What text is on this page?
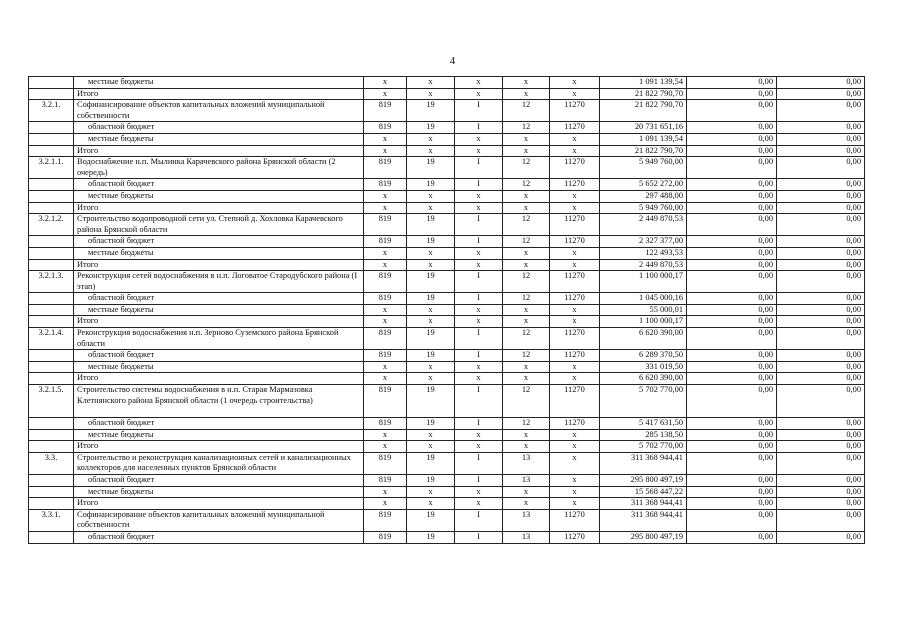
4
	местные бюджеты	x	x	x	x	x	1 091 139,54	0,00	0,00
	Итого	x	x	x	x	x	21 822 790,70	0,00	0,00
3.2.1.	Софинансирование объектов капитальных вложений муниципальной собственности	819	19	I	12	11270	21 822 790,70	0,00	0,00
	областной бюджет	819	19	I	12	11270	20 731 651,16	0,00	0,00
	местные бюджеты	x	x	x	x	x	1 091 139,54	0,00	0,00
	Итого	x	x	x	x	x	21 822 790,70	0,00	0,00
3.2.1.1.	Водоснабжение н.п. Мылинка Карачевского района Брянской области (2 очередь)	819	19	I	12	11270	5 949 760,00	0,00	0,00
	областной бюджет	819	19	I	12	11270	5 652 272,00	0,00	0,00
	местные бюджеты	x	x	x	x	x	297 488,00	0,00	0,00
	Итого	x	x	x	x	x	5 949 760,00	0,00	0,00
3.2.1.2.	Строительство водопроводной сети ул. Степной д. Хохловка Карачевского района Брянской области	819	19	I	12	11270	2 449 870,53	0,00	0,00
	областной бюджет	819	19	I	12	11270	2 327 377,00	0,00	0,00
	местные бюджеты	x	x	x	x	x	122 493,53	0,00	0,00
	Итого	x	x	x	x	x	2 449 870,53	0,00	0,00
3.2.1.3.	Реконструкция сетей водоснабжения в н.п. Логоватое Стародубского района (I этап)	819	19	I	12	11270	1 100 000,17	0,00	0,00
	областной бюджет	819	19	I	12	11270	1 045 000,16	0,00	0,00
	местные бюджеты	x	x	x	x	x	55 000,01	0,00	0,00
	Итого	x	x	x	x	x	1 100 000,17	0,00	0,00
3.2.1.4.	Реконструкция водоснабжения н.п. Зерново Суземского района Брянской области	819	19	I	12	11270	6 620 390,00	0,00	0,00
	областной бюджет	819	19	I	12	11270	6 289 370,50	0,00	0,00
	местные бюджеты	x	x	x	x	x	331 019,50	0,00	0,00
	Итого	x	x	x	x	x	6 620 390,00	0,00	0,00
3.2.1.5.	Строительство системы водоснабжения в н.п. Старая Мармазовка Клетнянского района Брянской области (1 очередь строительства)	819	19	I	12	11270	5 702 770,00	0,00	0,00
	областной бюджет	819	19	I	12	11270	5 417 631,50	0,00	0,00
	местные бюджеты	x	x	x	x	x	285 138,50	0,00	0,00
	Итого	x	x	x	x	x	5 702 770,00	0,00	0,00
3.3.	Строительство и реконструкция канализационных сетей и канализационных коллекторов для населенных пунктов Брянской области	819	19	I	13	x	311 368 944,41	0,00	0,00
	областной бюджет	819	19	I	13	x	295 800 497,19	0,00	0,00
	местные бюджеты	x	x	x	x	x	15 568 447,22	0,00	0,00
	Итого	x	x	x	x	x	311 368 944,41	0,00	0,00
3.3.1.	Софинансирование объектов капитальных вложений муниципальной собственности	819	19	I	13	11270	311 368 944,41	0,00	0,00
	областной бюджет	819	19	I	13	11270	295 800 497,19	0,00	0,00
